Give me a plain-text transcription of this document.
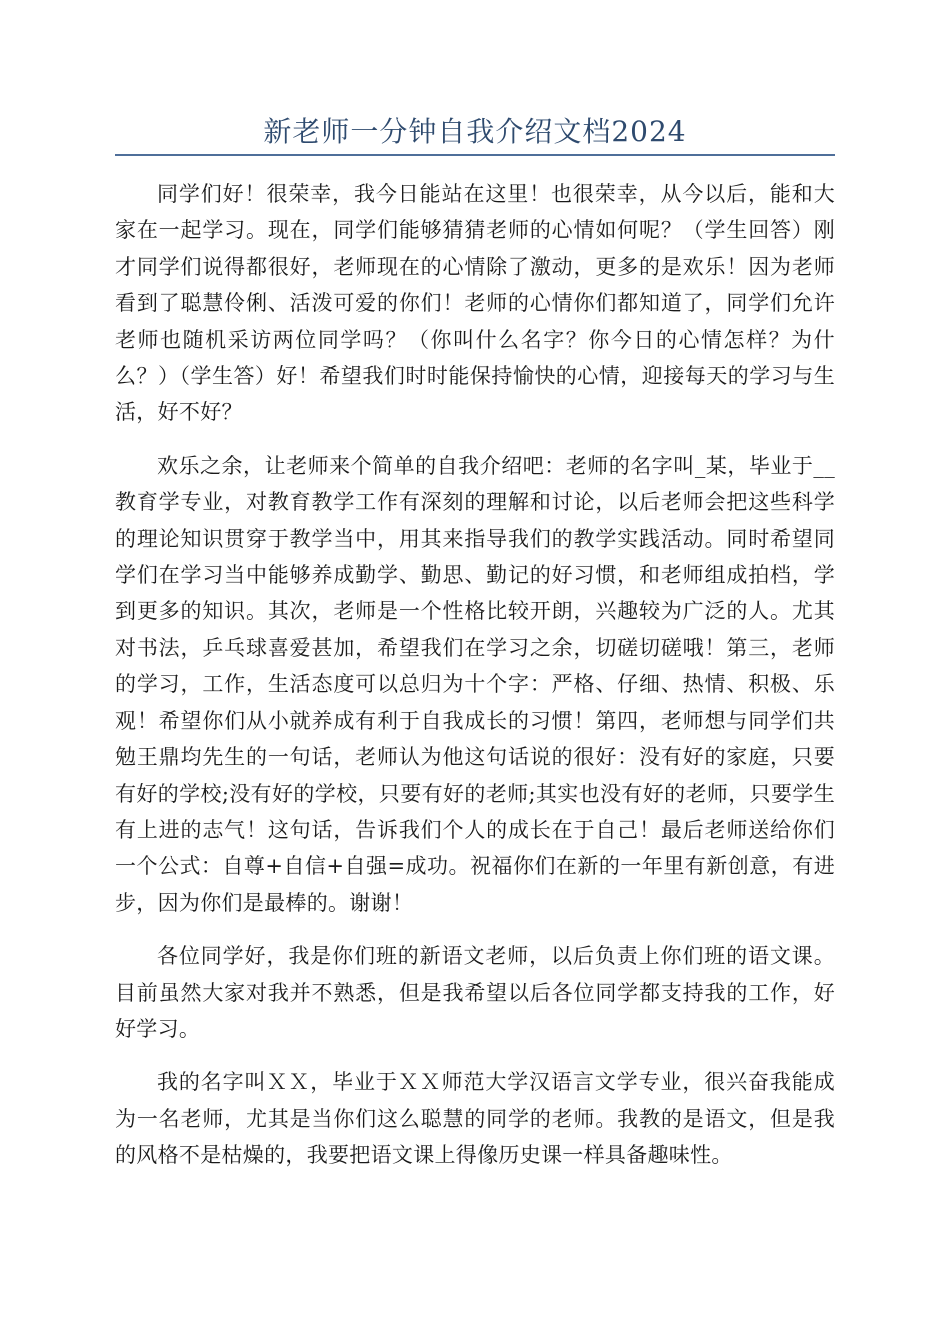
新老师一分钟自我介绍文档2024

同学们好！很荣幸，我今日能站在这里！也很荣幸，从今以后，能和大家在一起学习。现在，同学们能够猜猜老师的心情如何呢？（学生回答）刚才同学们说得都很好，老师现在的心情除了激动，更多的是欢乐！因为老师看到了聪慧伶俐、活泼可爱的你们！老师的心情你们都知道了，同学们允许老师也随机采访两位同学吗？（你叫什么名字？你今日的心情怎样？为什么？）（学生答）好！希望我们时时能保持愉快的心情，迎接每天的学习与生活，好不好？

欢乐之余，让老师来个简单的自我介绍吧：老师的名字叫_某，毕业于__教育学专业，对教育教学工作有深刻的理解和讨论，以后老师会把这些科学的理论知识贯穿于教学当中，用其来指导我们的教学实践活动。同时希望同学们在学习当中能够养成勤学、勤思、勤记的好习惯，和老师组成拍档，学到更多的知识。其次，老师是一个性格比较开朗，兴趣较为广泛的人。尤其对书法，乒乓球喜爱甚加，希望我们在学习之余，切磋切磋哦！第三，老师的学习，工作，生活态度可以总归为十个字：严格、仔细、热情、积极、乐观！希望你们从小就养成有利于自我成长的习惯！第四，老师想与同学们共勉王鼎均先生的一句话，老师认为他这句话说的很好：没有好的家庭，只要有好的学校;没有好的学校，只要有好的老师;其实也没有好的老师，只要学生有上进的志气！这句话，告诉我们个人的成长在于自己！最后老师送给你们一个公式：自尊+自信+自强=成功。祝福你们在新的一年里有新创意，有进步，因为你们是最棒的。谢谢！

各位同学好，我是你们班的新语文老师，以后负责上你们班的语文课。目前虽然大家对我并不熟悉，但是我希望以后各位同学都支持我的工作，好好学习。

我的名字叫ＸＸ，毕业于ＸＸ师范大学汉语言文学专业，很兴奋我能成为一名老师，尤其是当你们这么聪慧的同学的老师。我教的是语文，但是我的风格不是枯燥的，我要把语文课上得像历史课一样具备趣味性。
